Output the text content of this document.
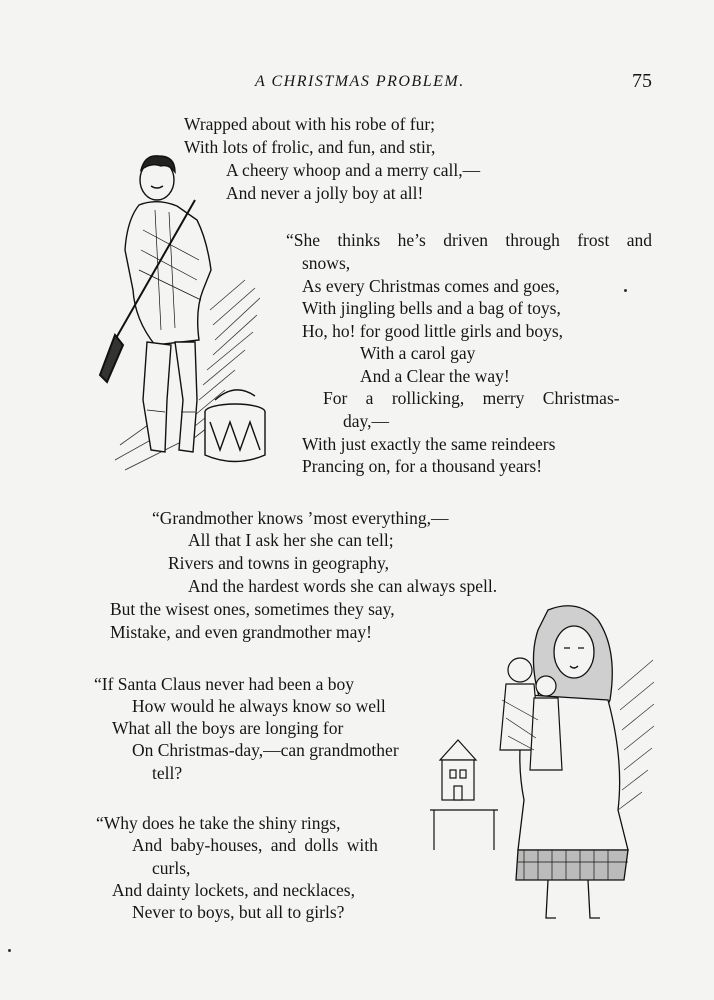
A CHRISTMAS PROBLEM.	75
Wrapped about with his robe of fur;
With lots of frolic, and fun, and stir,
A cheery whoop and a merry call,—
And never a jolly boy at all!
“She thinks he’s driven through frost and
snows,
As every Christmas comes and goes,
With jingling bells and a bag of toys,
Ho, ho! for good little girls and boys,
With a carol gay
And a Clear the way!
For a rollicking, merry Christmas-
day,—
With just exactly the same reindeers
Prancing on, for a thousand years!
“Grandmother knows ’most everything,—
All that I ask her she can tell;
Rivers and towns in geography,
And the hardest words she can always spell.
But the wisest ones, sometimes they say,
Mistake, and even grandmother may!
“If Santa Claus never had been a boy
How would he always know so well
What all the boys are longing for
On Christmas-day,—can grandmother
tell?
“Why does he take the shiny rings,
And baby-houses, and dolls with
curls,
And dainty lockets, and necklaces,
Never to boys, but all to girls?
